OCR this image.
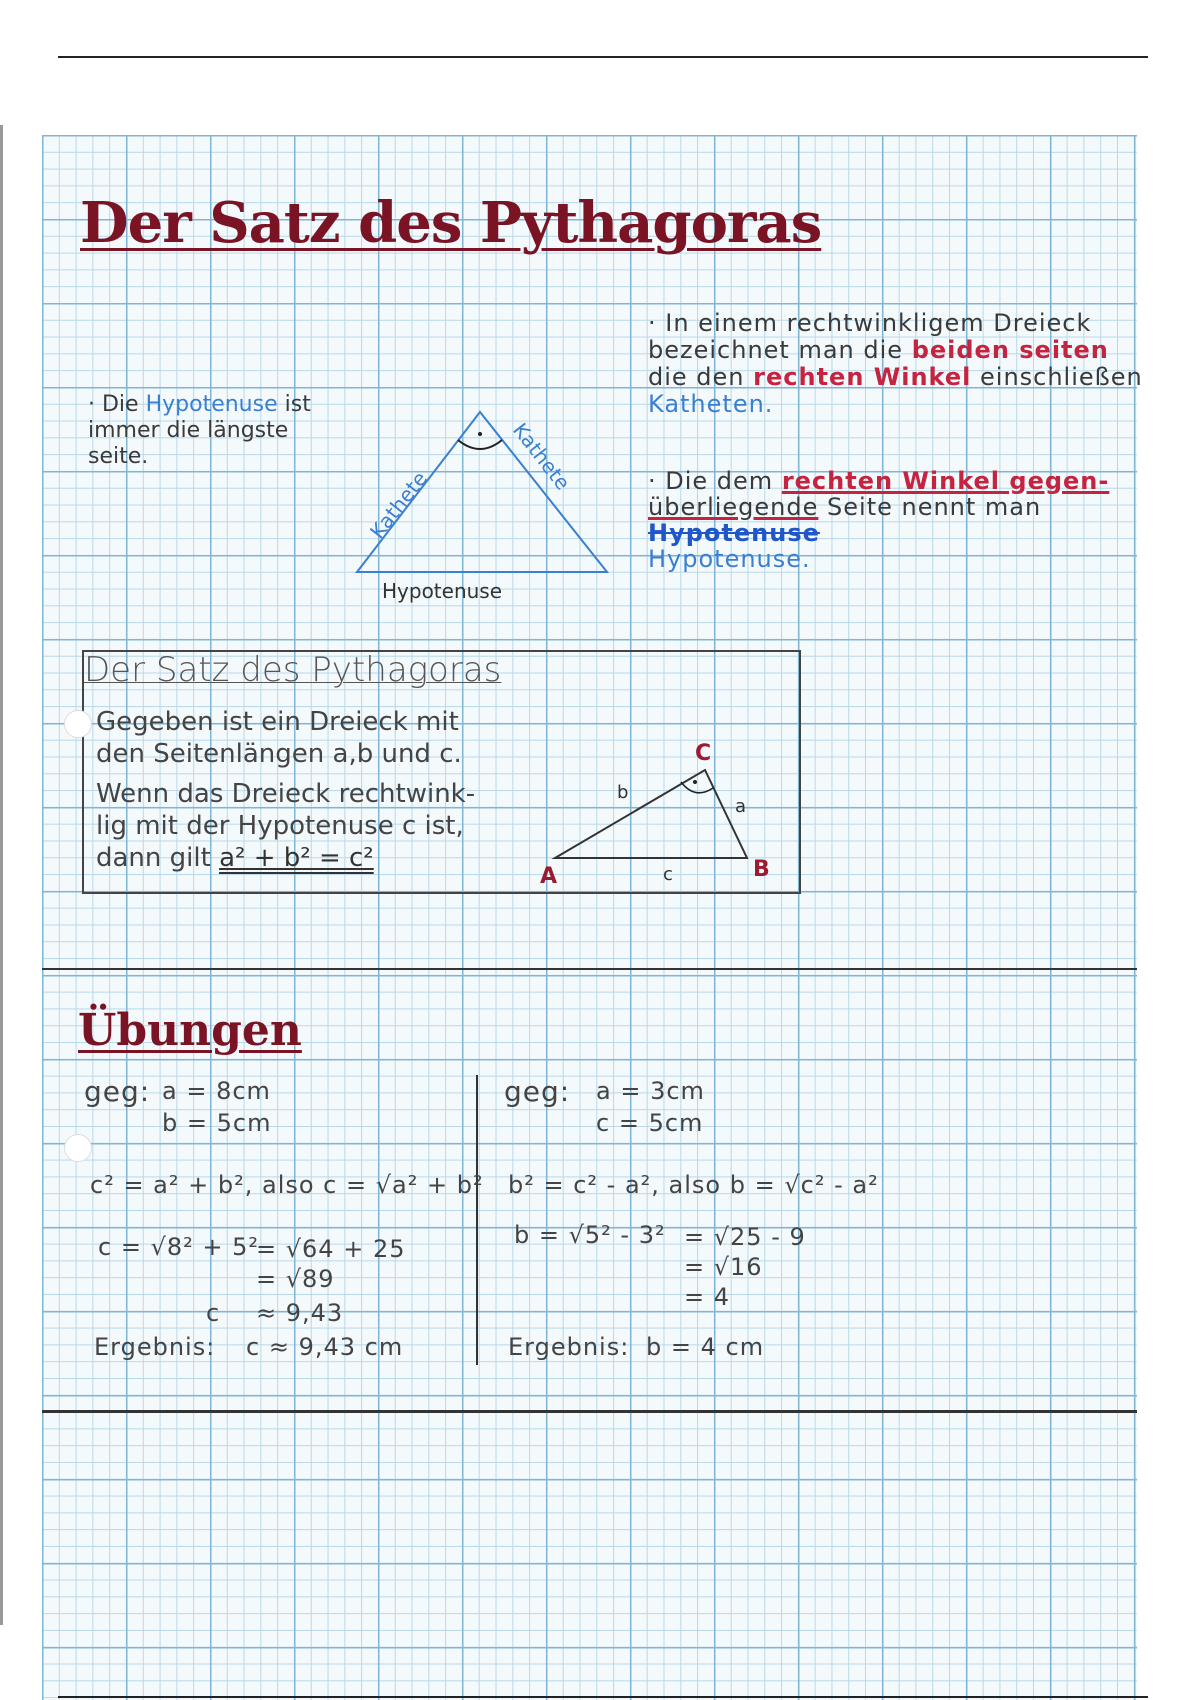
Der Satz des Pythagoras
· Die Hypotenuse ist
immer die längste
seite.
Kathete
Kathete
Hypotenuse
· In einem rechtwinkligem Dreieck
bezeichnet man die beiden seiten
die den rechten Winkel einschließen
Katheten.
· Die dem rechten Winkel gegen-
überliegende Seite nennt man
Hypotenuse
Hypotenuse.
Der Satz des Pythagoras
Gegeben ist ein Dreieck mit
den Seitenlängen a,b und c.
Wenn das Dreieck rechtwink-
lig mit der Hypotenuse c ist,
dann gilt a² + b² = c²
A	B
C
a
b
c
Übungen
geg: a = 8cm
b = 5cm
c² = a² + b², also c = √a² + b²
c = √8² + 5²
= √64 + 25
= √89
c ≈ 9,43
Ergebnis: c ≈ 9,43 cm
geg: a = 3cm
c = 5cm
b² = c² - a², also b = √c² - a²
b = √5² - 3² = √25 - 9
= √16
= 4
Ergebnis: b = 4 cm
